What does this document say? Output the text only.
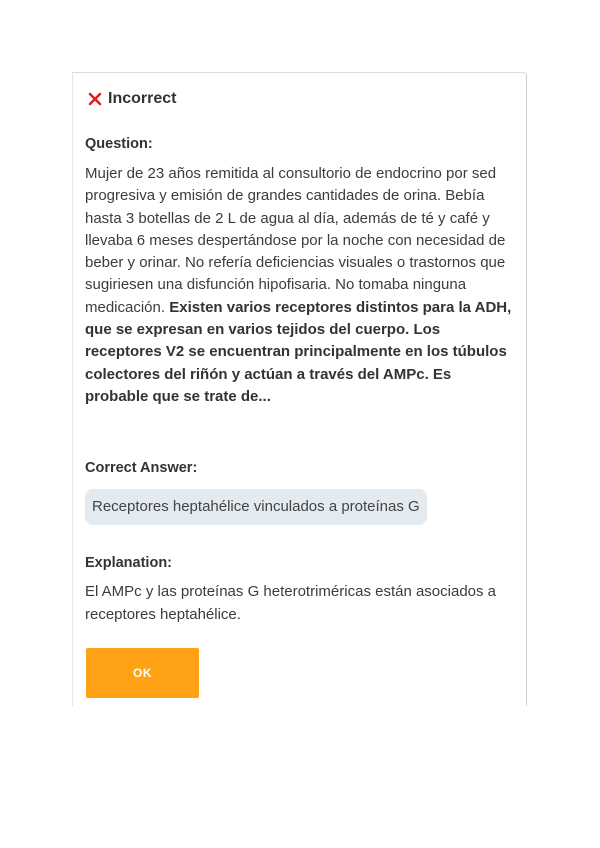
Incorrect
Question:
Mujer de 23 años remitida al consultorio de endocrino por sed progresiva y emisión de grandes cantidades de orina. Bebía hasta 3 botellas de 2 L de agua al día, además de té y café y llevaba 6 meses despertándose por la noche con necesidad de beber y orinar. No refería deficiencias visuales o trastornos que sugiriesen una disfunción hipofisaria. No tomaba ninguna medicación. Existen varios receptores distintos para la ADH, que se expresan en varios tejidos del cuerpo. Los receptores V2 se encuentran principalmente en los túbulos colectores del riñón y actúan a través del AMPc. Es probable que se trate de...
Correct Answer:
Receptores heptahélice vinculados a proteínas G
Explanation:
El AMPc y las proteínas G heterotriméricas están asociados a receptores heptahélice.
OK
